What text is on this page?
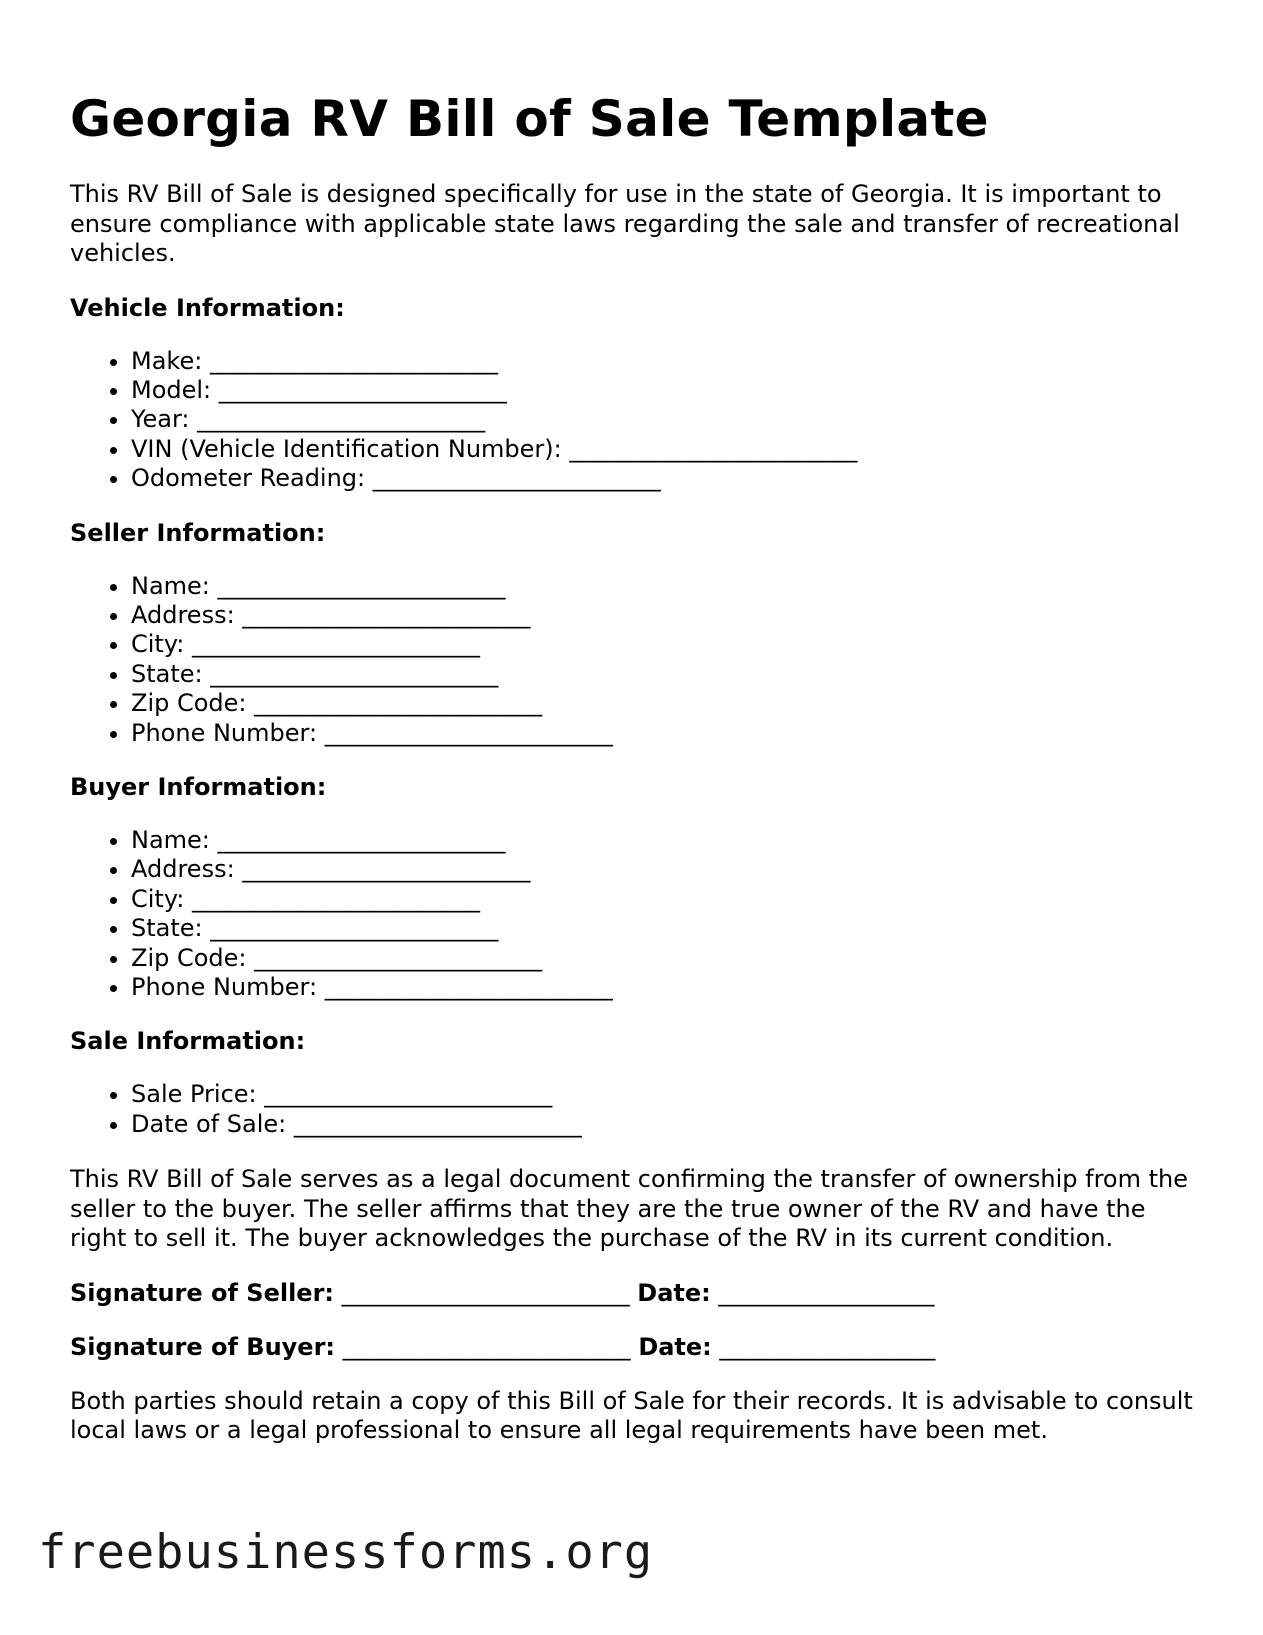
Georgia RV Bill of Sale Template

This RV Bill of Sale is designed specifically for use in the state of Georgia. It is important to ensure compliance with applicable state laws regarding the sale and transfer of recreational vehicles.

Vehicle Information:
• Make: ________________________
• Model: ________________________
• Year: ________________________
• VIN (Vehicle Identification Number): ________________________
• Odometer Reading: ________________________
Seller Information:
• Name: ________________________
• Address: ________________________
• City: ________________________
• State: ________________________
• Zip Code: ________________________
• Phone Number: ________________________
Buyer Information:
• Name: ________________________
• Address: ________________________
• City: ________________________
• State: ________________________
• Zip Code: ________________________
• Phone Number: ________________________
Sale Information:
• Sale Price: ________________________
• Date of Sale: ________________________

This RV Bill of Sale serves as a legal document confirming the transfer of ownership from the seller to the buyer. The seller affirms that they are the true owner of the RV and have the right to sell it. The buyer acknowledges the purchase of the RV in its current condition.

Signature of Seller: ________________________ Date: __________________

Signature of Buyer: ________________________ Date: __________________

Both parties should retain a copy of this Bill of Sale for their records. It is advisable to consult local laws or a legal professional to ensure all legal requirements have been met.

freebusinessforms.org
